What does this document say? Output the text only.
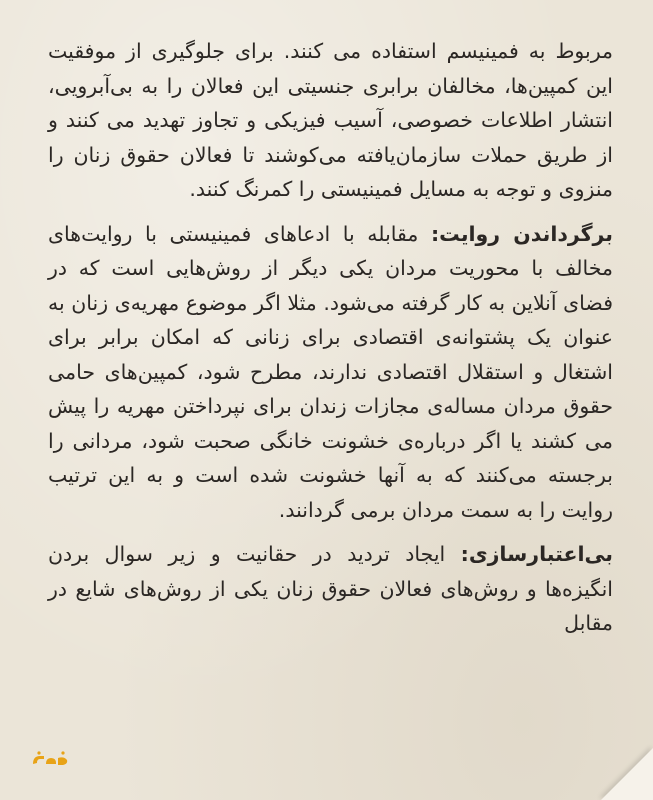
مربوط به فمینیسم استفاده می کنند. برای جلوگیری از موفقیت این کمپین‌ها، مخالفان برابری جنسیتی این فعالان را به بی‌آبرویی، انتشار اطلاعات خصوصی، آسیب فیزیکی و تجاوز تهدید می کنند و از طریق حملات سازمان‌یافته می‌کوشند تا فعالان حقوق زنان را منزوی و توجه به مسایل فمینیستی را کمرنگ کنند.

برگرداندن روایت: مقابله با ادعاهای فمینیستی با روایت‌های مخالف با محوریت مردان یکی دیگر از روش‌هایی است که در فضای آنلاین به کار گرفته می‌شود. مثلا اگر موضوع مهریه‌ی زنان به عنوان یک پشتوانه‌ی اقتصادی برای زنانی که امکان برابر برای اشتغال و استقلال اقتصادی ندارند، مطرح شود، کمپین‌های حامی حقوق مردان مساله‌ی مجازات زندان برای نپرداختن مهریه را پیش می کشند یا اگر درباره‌ی خشونت خانگی صحبت شود، مردانی را برجسته می‌کنند که به آنها خشونت شده است و به این ترتیب روایت را به سمت مردان برمی گردانند.

بی‌اعتبارسازی: ایجاد تردید در حقانیت و زیر سوال بردن انگیزه‌ها و روش‌های فعالان حقوق زنان یکی از روش‌های شایع در مقابل
